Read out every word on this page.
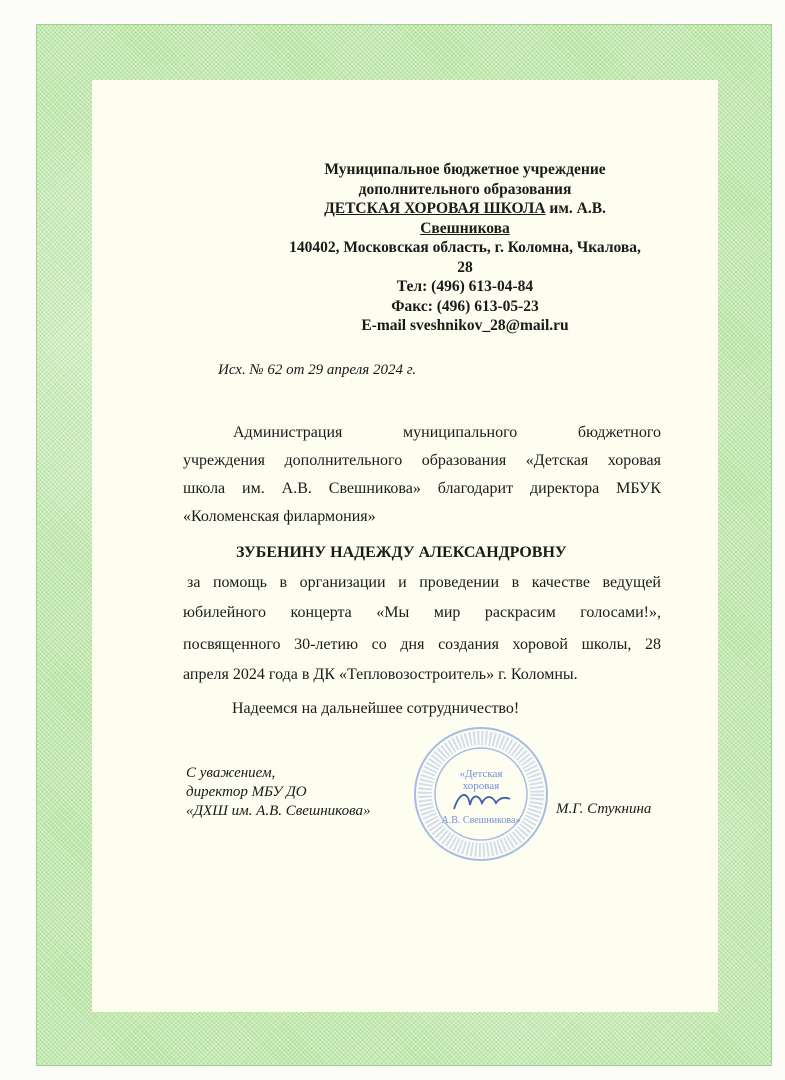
Муниципальное бюджетное учреждение
дополнительного образования
ДЕТСКАЯ ХОРОВАЯ ШКОЛА им. А.В.
Свешникова
140402, Московская область, г. Коломна, Чкалова,
28
Тел: (496) 613-04-84
Факс: (496) 613-05-23
E-mail sveshnikov_28@mail.ru
Исх. № 62 от 29 апреля 2024 г.
Администрация муниципального бюджетного
учреждения дополнительного образования «Детская хоровая
школа им. А.В. Свешникова» благодарит директора МБУК
«Коломенская филармония»
ЗУБЕНИНУ НАДЕЖДУ АЛЕКСАНДРОВНУ
за помощь в организации и проведении в качестве ведущей
юбилейного концерта «Мы мир раскрасим голосами!»,
посвященного 30-летию со дня создания хоровой школы, 28
апреля 2024 года в ДК «Тепловозостроитель» г. Коломны.
Надеемся на дальнейшее сотрудничество!
С уважением,
директор МБУ ДО
«ДХШ им. А.В. Свешникова»
«Детская
хоровая
А.В. Свешникова»
М.Г. Стукнина
